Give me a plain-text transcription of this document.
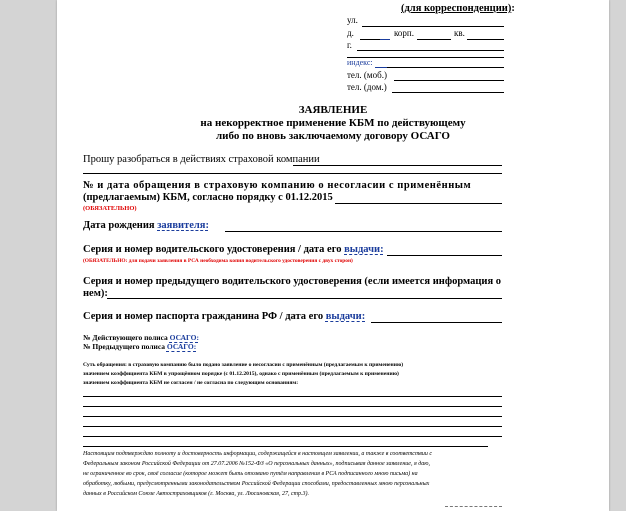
(для корреспонденции):
ул.
д.	корп.	кв.
г.
индекс:
тел. (моб.)
тел. (дом.)
ЗАЯВЛЕНИЕ
на некорректное применение КБМ по действующему
либо по вновь заключаемому договору ОСАГО
Прошу разобраться в действиях страховой компании
№ и дата обращения в страховую компанию о несогласии с применённым
(предлагаемым) КБМ, согласно порядку с 01.12.2015
(ОБЯЗАТЕЛЬНО)
Дата рождения заявителя:
Серия и номер водительского удостоверения / дата его выдачи:
(ОБЯЗАТЕЛЬНО: для подачи заявления в РСА необходима копия водительского удостоверения с двух сторон)
Серия и номер предыдущего водительского удостоверения (если имеется информация о
нем):
Серия и номер паспорта гражданина РФ / дата его выдачи:
№ Действующего полиса ОСАГО:
№ Предыдущего полиса ОСАГО:
Суть обращения: в страховую компанию было подано заявление о несогласии с применённым (предлагаемым к применению)
значением коэффициента КБМ в упрощённом порядке (с 01.12.2015), однако с применённым (предлагаемым к применению)
значением коэффициента КБМ не согласен / не согласна по следующим основаниям:
Настоящим подтверждаю полноту и достоверность информации, содержащейся в настоящем заявлении, а также в соответствии с
Федеральным законом Российской Федерации от 27.07.2006 №152-ФЗ «О персональных данных», подписывая данное заявление, я даю,
не ограниченное во срок, своё согласие (которое может быть отозвано путём направления в РСА подписанного мною письма) на
обработку, любыми, предусмотренными законодательством Российской Федерации способами, предоставленных мною персональных
данных в Российском Союзе Автостраховщиков (г. Москва, ул. Люсиновская, 27, стр.3).
